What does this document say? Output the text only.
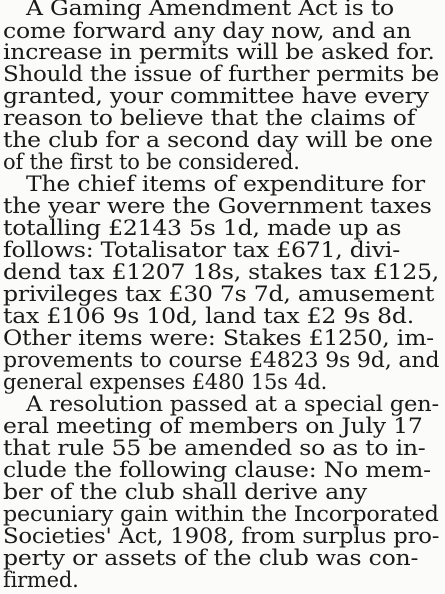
A Gaming Amendment Act is to
come forward any day now, and an
increase in permits will be asked for.
Should the issue of further permits be
granted, your committee have every
reason to believe that the claims of
the club for a second day will be one
of the first to be considered.
The chief items of expenditure for
the year were the Government taxes
totalling £2143 5s 1d, made up as
follows: Totalisator tax £671, divi-
dend tax £1207 18s, stakes tax £125,
privileges tax £30 7s 7d, amusement
tax £106 9s 10d, land tax £2 9s 8d.
Other items were: Stakes £1250, im-
provements to course £4823 9s 9d, and
general expenses £480 15s 4d.
A resolution passed at a special gen-
eral meeting of members on July 17
that rule 55 be amended so as to in-
clude the following clause: No mem-
ber of the club shall derive any
pecuniary gain within the Incorporated
Societies' Act, 1908, from surplus pro-
perty or assets of the club was con-
firmed.
